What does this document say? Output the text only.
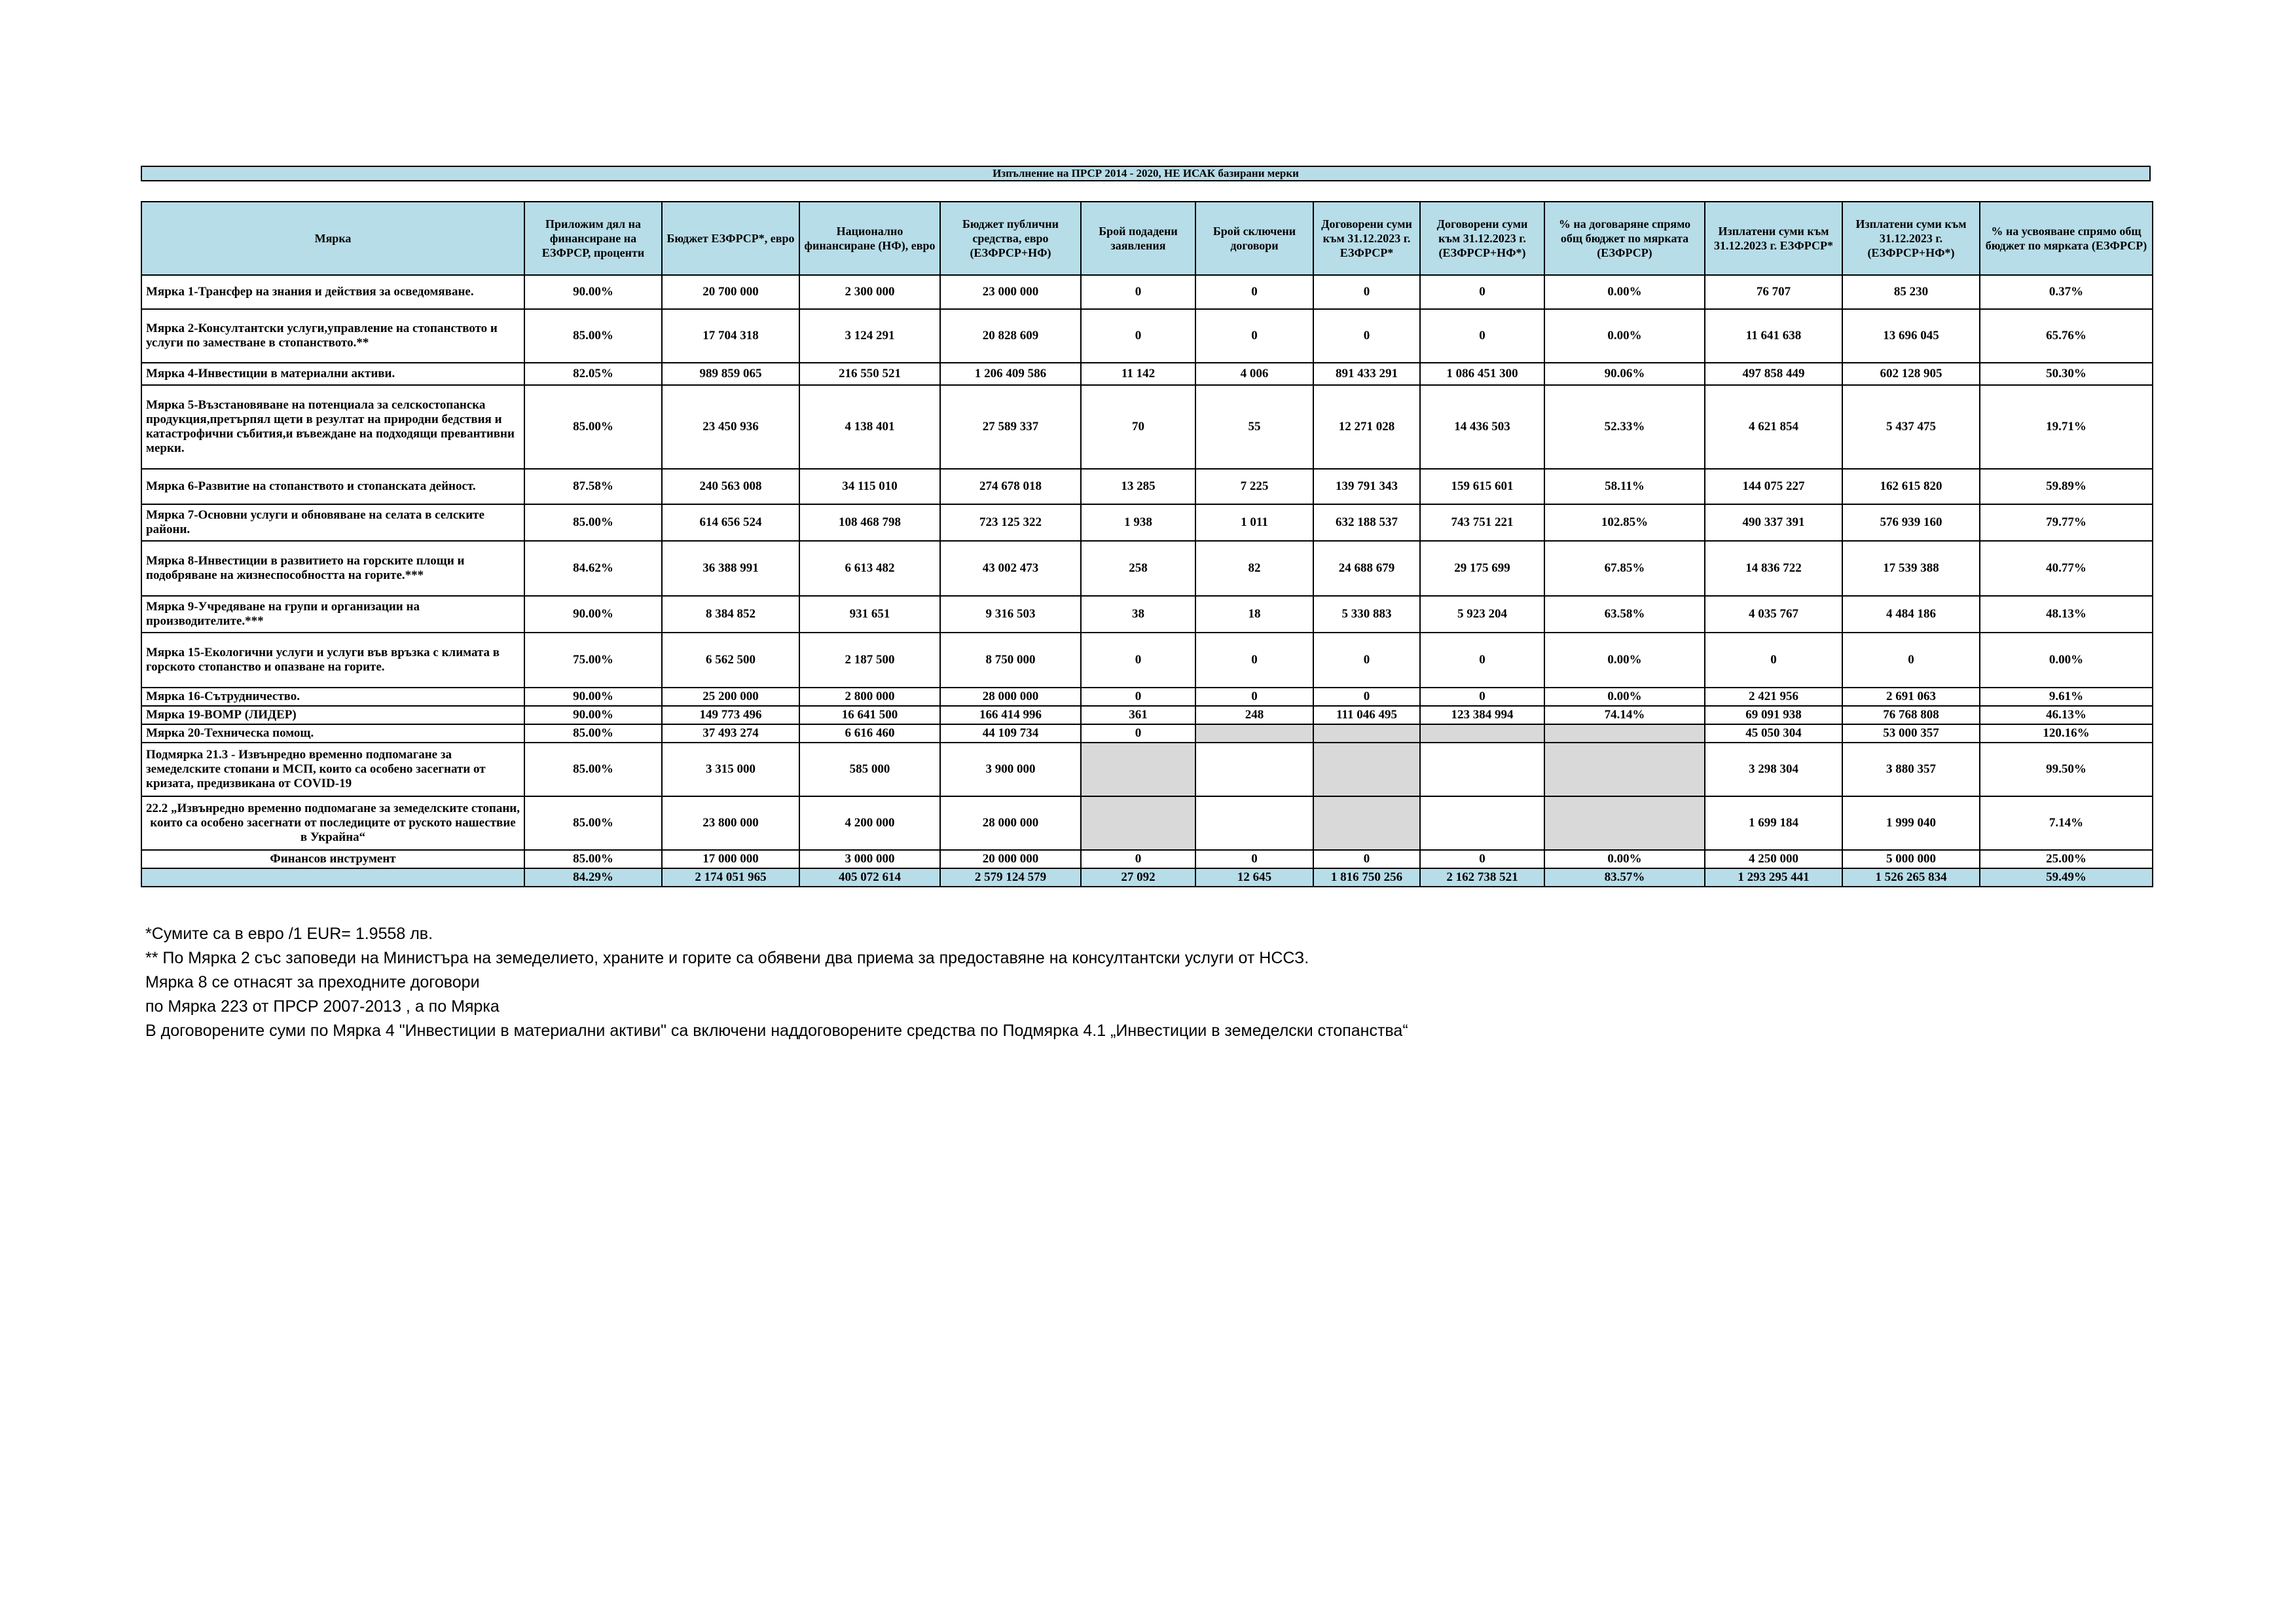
Изпълнение на ПРСР 2014 - 2020, НЕ ИСАК базирани мерки
Мярка	Приложим дял на финансиране на ЕЗФРСР, проценти	Бюджет ЕЗФРСР*, евро	Национално финансиране (НФ), евро	Бюджет публични средства, евро (ЕЗФРСР+НФ)	Брой подадени заявления	Брой сключени договори	Договорени суми към 31.12.2023 г. ЕЗФРСР*	Договорени суми към 31.12.2023 г. (ЕЗФРСР+НФ*)	% на договаряне спрямо общ бюджет по мярката (ЕЗФРСР)	Изплатени суми към 31.12.2023 г. ЕЗФРСР*	Изплатени суми към 31.12.2023 г. (ЕЗФРСР+НФ*)	% на усвояване спрямо общ бюджет по мярката (ЕЗФРСР)
Мярка 1-Трансфер на знания и действия за осведомяване.	90.00%	20 700 000	2 300 000	23 000 000	0	0	0	0	0.00%	76 707	85 230	0.37%
Мярка 2-Консултантски услуги,управление на стопанството и услуги по заместване в стопанството.**	85.00%	17 704 318	3 124 291	20 828 609	0	0	0	0	0.00%	11 641 638	13 696 045	65.76%
Мярка 4-Инвестиции в материални активи.	82.05%	989 859 065	216 550 521	1 206 409 586	11 142	4 006	891 433 291	1 086 451 300	90.06%	497 858 449	602 128 905	50.30%
Мярка 5-Възстановяване на потенциала за селскостопанска продукция,претърпял щети в резултат на природни бедствия и катастрофични събития,и въвеждане на подходящи превантивни мерки.	85.00%	23 450 936	4 138 401	27 589 337	70	55	12 271 028	14 436 503	52.33%	4 621 854	5 437 475	19.71%
Мярка 6-Развитие на стопанството и стопанската дейност.	87.58%	240 563 008	34 115 010	274 678 018	13 285	7 225	139 791 343	159 615 601	58.11%	144 075 227	162 615 820	59.89%
Мярка 7-Основни услуги и обновяване на селата в селските райони.	85.00%	614 656 524	108 468 798	723 125 322	1 938	1 011	632 188 537	743 751 221	102.85%	490 337 391	576 939 160	79.77%
Мярка 8-Инвестиции в развитието на горските площи и подобряване на жизнеспособността на горите.***	84.62%	36 388 991	6 613 482	43 002 473	258	82	24 688 679	29 175 699	67.85%	14 836 722	17 539 388	40.77%
Мярка 9-Учредяване на групи и организации на производителите.***	90.00%	8 384 852	931 651	9 316 503	38	18	5 330 883	5 923 204	63.58%	4 035 767	4 484 186	48.13%
Мярка 15-Екологични услуги и услуги във връзка с климата в горското стопанство и опазване на горите.	75.00%	6 562 500	2 187 500	8 750 000	0	0	0	0	0.00%	0	0	0.00%
Мярка 16-Сътрудничество.	90.00%	25 200 000	2 800 000	28 000 000	0	0	0	0	0.00%	2 421 956	2 691 063	9.61%
Мярка 19-ВОМР (ЛИДЕР)	90.00%	149 773 496	16 641 500	166 414 996	361	248	111 046 495	123 384 994	74.14%	69 091 938	76 768 808	46.13%
Мярка 20-Техническа помощ.	85.00%	37 493 274	6 616 460	44 109 734	0					45 050 304	53 000 357	120.16%
Подмярка 21.3 - Извънредно временно подпомагане за земеделските стопани и МСП, които са особено засегнати от кризата, предизвикана от COVID-19	85.00%	3 315 000	585 000	3 900 000						3 298 304	3 880 357	99.50%
22.2 „Извънредно временно подпомагане за земеделските стопани, които са особено засегнати от последиците от руското нашествие в Украйна“	85.00%	23 800 000	4 200 000	28 000 000						1 699 184	1 999 040	7.14%
Финансов инструмент	85.00%	17 000 000	3 000 000	20 000 000	0	0	0	0	0.00%	4 250 000	5 000 000	25.00%
	84.29%	2 174 051 965	405 072 614	2 579 124 579	27 092	12 645	1 816 750 256	2 162 738 521	83.57%	1 293 295 441	1 526 265 834	59.49%
*Сумите са в евро /1 EUR= 1.9558 лв.
** По Мярка 2 със заповеди на Министъра на земеделието, храните и горите са обявени два приема за предоставяне на консултантски услуги от НССЗ.
Мярка 8 се отнасят за преходните договори
по Мярка 223 от ПРСР 2007-2013 , а по Мярка
В договорените суми по Мярка 4 "Инвестиции в материални активи" са включени наддоговорените средства по Подмярка 4.1 „Инвестиции в земеделски стопанства“
